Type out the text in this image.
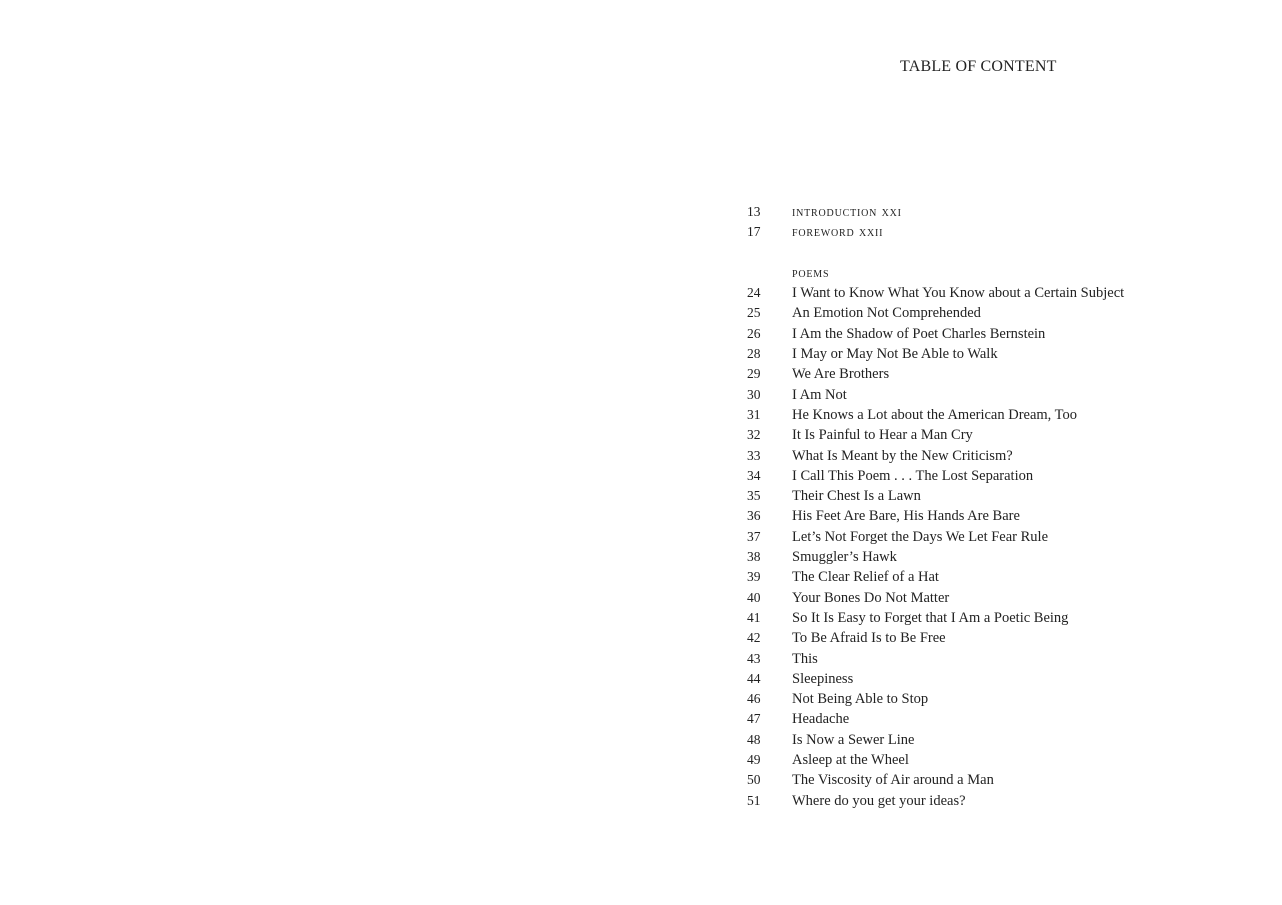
TABLE OF CONTENT
13	introduction xxi
17	foreword xxii
poems
24	I Want to Know What You Know about a Certain Subject
25	An Emotion Not Comprehended
26	I Am the Shadow of Poet Charles Bernstein
28	I May or May Not Be Able to Walk
29	We Are Brothers
30	I Am Not
31	He Knows a Lot about the American Dream, Too
32	It Is Painful to Hear a Man Cry
33	What Is Meant by the New Criticism?
34	I Call This Poem . . . The Lost Separation
35	Their Chest Is a Lawn
36	His Feet Are Bare, His Hands Are Bare
37	Let’s Not Forget the Days We Let Fear Rule
38	Smuggler’s Hawk
39	The Clear Relief of a Hat
40	Your Bones Do Not Matter
41	So It Is Easy to Forget that I Am a Poetic Being
42	To Be Afraid Is to Be Free
43	This
44	Sleepiness
46	Not Being Able to Stop
47	Headache
48	Is Now a Sewer Line
49	Asleep at the Wheel
50	The Viscosity of Air around a Man
51	Where do you get your ideas?
